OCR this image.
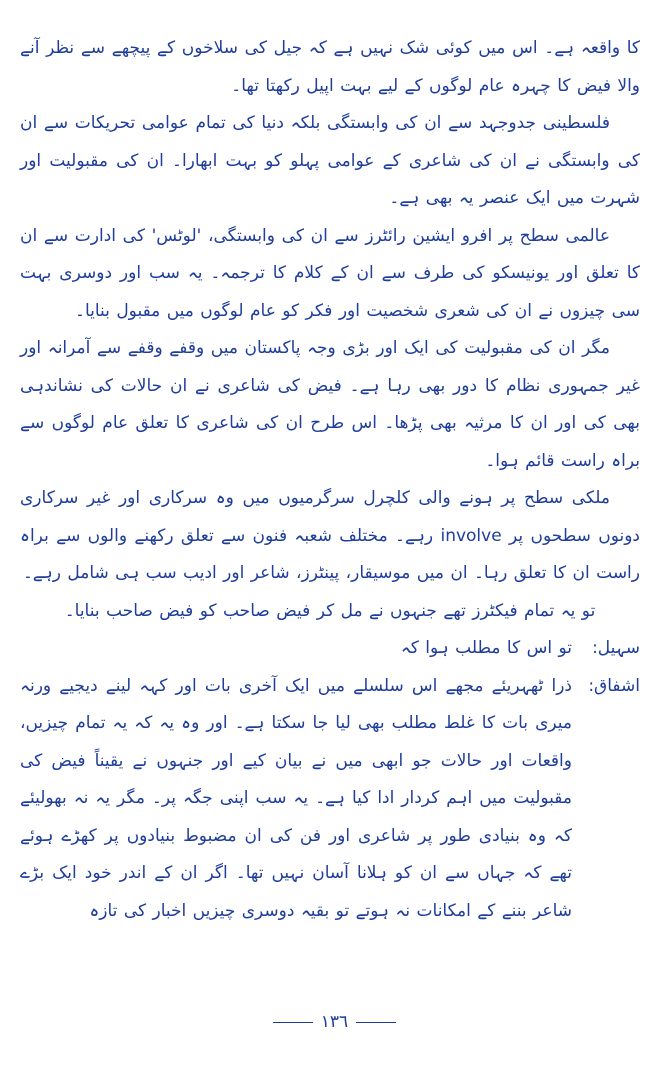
کا واقعہ ہے۔ اس میں کوئی شک نہیں ہے کہ جیل کی سلاخوں کے پیچھے سے نظر آنے والا فیض کا چہرہ عام لوگوں کے لیے بہت اپیل رکھتا تھا۔

فلسطینی جدوجہد سے ان کی وابستگی بلکہ دنیا کی تمام عوامی تحریکات سے ان کی وابستگی نے ان کی شاعری کے عوامی پہلو کو بہت ابھارا۔ ان کی مقبولیت اور شہرت میں ایک عنصر یہ بھی ہے۔

عالمی سطح پر افرو ایشین رائٹرز سے ان کی وابستگی، 'لوٹس' کی ادارت سے ان کا تعلق اور یونیسکو کی طرف سے ان کے کلام کا ترجمہ۔ یہ سب اور دوسری بہت سی چیزوں نے ان کی شعری شخصیت اور فکر کو عام لوگوں میں مقبول بنایا۔

مگر ان کی مقبولیت کی ایک اور بڑی وجہ پاکستان میں وقفے وقفے سے آمرانہ اور غیر جمہوری نظام کا دور بھی رہا ہے۔ فیض کی شاعری نے ان حالات کی نشاندہی بھی کی اور ان کا مرثیہ بھی پڑھا۔ اس طرح ان کی شاعری کا تعلق عام لوگوں سے براہ راست قائم ہوا۔

ملکی سطح پر ہونے والی کلچرل سرگرمیوں میں وہ سرکاری اور غیر سرکاری دونوں سطحوں پر involve رہے۔ مختلف شعبہ فنون سے تعلق رکھنے والوں سے براہ راست ان کا تعلق رہا۔ ان میں موسیقار، پینٹرز، شاعر اور ادیب سب ہی شامل رہے۔

تو یہ تمام فیکٹرز تھے جنہوں نے مل کر فیض صاحب کو فیض صاحب بنایا۔

سہیل:
تو اس کا مطلب ہوا کہ
اشفاق:
ذرا ٹھہریئے مجھے اس سلسلے میں ایک آخری بات اور کہہ لینے دیجیے ورنہ میری بات کا غلط مطلب بھی لیا جا سکتا ہے۔ اور وہ یہ کہ یہ تمام چیزیں، واقعات اور حالات جو ابھی میں نے بیان کیے اور جنہوں نے یقیناً فیض کی مقبولیت میں اہم کردار ادا کیا ہے۔ یہ سب اپنی جگہ پر۔ مگر یہ نہ بھولیئے کہ وہ بنیادی طور پر شاعری اور فن کی ان مضبوط بنیادوں پر کھڑے ہوئے تھے کہ جہاں سے ان کو ہلانا آسان نہیں تھا۔ اگر ان کے اندر خود ایک بڑے شاعر بننے کے امکانات نہ ہوتے تو بقیہ دوسری چیزیں اخبار کی تازہ
١٣٦
